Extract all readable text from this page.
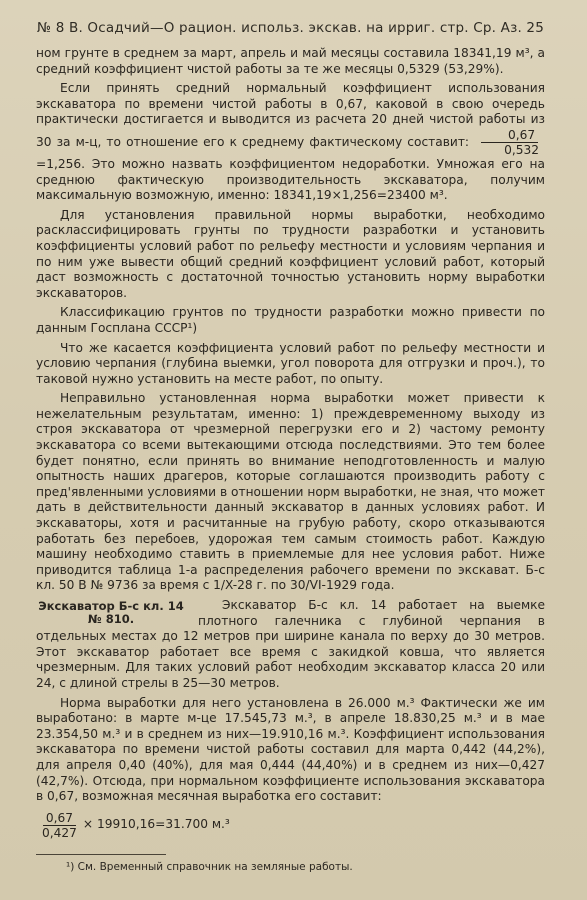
№ 8 В. Осадчий—О рацион. использ. экскав. на ирриг. стр. Ср. Аз. 25

ном грунте в среднем за март, апрель и май месяцы составила 18341,19 м³, а средний коэффициент чистой работы за те же месяцы 0,5329 (53,29%).

Если принять средний нормальный коэффициент использования экскаватора по времени чистой работы в 0,67, каковой в свою очередь практически достигается и выводится из расчета 20 дней чистой работы из 30 за м-ц, то отношение его к среднему фактическому составит: $\frac{0,67}{0,532}$
=1,256. Это можно назвать коэффициентом недоработки. Умножая его на среднюю фактическую производительность экскаватора, получим максимальную возможную, именно: 18341,19×1,256=23400 м³.

Для установления правильной нормы выработки, необходимо расклассифицировать грунты по трудности разработки и установить коэффициенты условий работ по рельефу местности и условиям черпания и по ним уже вывести общий средний коэффициент условий работ, который даст возможность с достаточной точностью установить норму выработки экскаваторов.

Классификацию грунтов по трудности разработки можно привести по данным Госплана СССР¹)

Что же касается коэффициента условий работ по рельефу местности и условию черпания (глубина выемки, угол поворота для отгрузки и проч.), то таковой нужно установить на месте работ, по опыту.

Неправильно установленная норма выработки может привести к нежелательным результатам, именно: 1) преждевременному выходу из строя экскаватора от чрезмерной перегрузки его и 2) частому ремонту экскаватора со всеми вытекающими отсюда последствиями. Это тем более будет понятно, если принять во внимание неподготовленность и малую опытность наших драгеров, которые соглашаются производить работу с пред'явленными условиями в отношении норм выработки, не зная, что может дать в действительности данный экскаватор в данных условиях работ. И экскаваторы, хотя и расчитанные на грубую работу, скоро отказываются работать без перебоев, удорожая тем самым стоимость работ. Каждую машину необходимо ставить в приемлемые для нее условия работ. Ниже приводится таблица 1-а распределения рабочего времени по экскават. Б-с кл. 50 В № 9736 за время с 1/X-28 г. по 30/VI-1929 года.

Экскаватор Б-с кл. 14 № 810.

Экскаватор Б-с кл. 14 работает на выемке плотного галечника с глубиной черпания в отдельных местах до 12 метров при ширине канала по верху до 30 метров. Этот экскаватор работает все время с закидкой ковша, что является чрезмерным. Для таких условий работ необходим экскаватор класса 20 или 24, с длиной стрелы в 25—30 метров.

Норма выработки для него установлена в 26.000 м.³ Фактически же им выработано: в марте м-це 17.545,73 м.³, в апреле 18.830,25 м.³ и в мае 23.354,50 м.³ и в среднем из них—19.910,16 м.³. Коэффициент использования экскаватора по времени чистой работы составил для марта 0,442 (44,2%), для апреля 0,40 (40%), для мая 0,444 (44,40%) и в среднем из них—0,427 (42,7%). Отсюда, при нормальном коэффициенте использования экскаватора в 0,67, возможная месячная выработка его составит:

$\frac{0,67}{0,427} \times 19910,16=31.700$ м.³

¹) См. Временный справочник на земляные работы.
